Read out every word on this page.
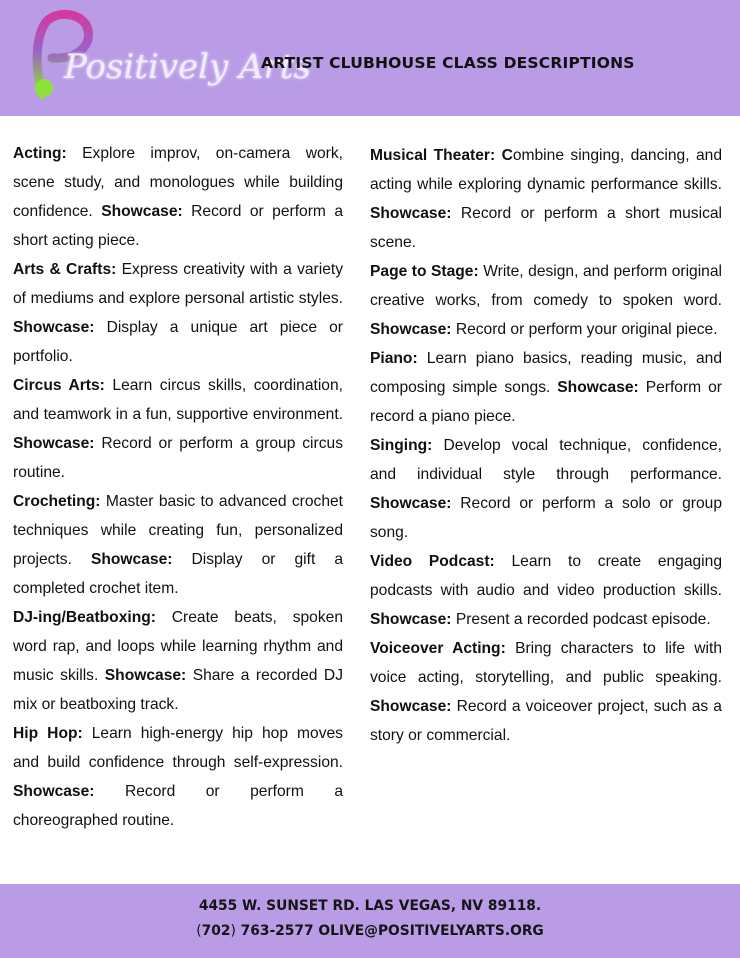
Positively Arts
ARTIST CLUBHOUSE CLASS DESCRIPTIONS

Acting: Explore improv, on-camera work, scene study, and monologues while building confidence. Showcase: Record or perform a short acting piece.

Arts & Crafts: Express creativity with a variety of mediums and explore personal artistic styles. Showcase: Display a unique art piece or portfolio.

Circus Arts: Learn circus skills, coordination, and teamwork in a fun, supportive environment. Showcase: Record or perform a group circus routine.

Crocheting: Master basic to advanced crochet techniques while creating fun, personalized projects. Showcase: Display or gift a completed crochet item.

DJ-ing/Beatboxing: Create beats, spoken word rap, and loops while learning rhythm and music skills. Showcase: Share a recorded DJ mix or beatboxing track.

Hip Hop: Learn high-energy hip hop moves and build confidence through self-expression. Showcase: Record or perform a choreographed routine.

Musical Theater: Combine singing, dancing, and acting while exploring dynamic performance skills. Showcase: Record or perform a short musical scene.

Page to Stage: Write, design, and perform original creative works, from comedy to spoken word. Showcase: Record or perform your original piece.

Piano: Learn piano basics, reading music, and composing simple songs. Showcase: Perform or record a piano piece.

Singing: Develop vocal technique, confidence, and individual style through performance. Showcase: Record or perform a solo or group song.

Video Podcast: Learn to create engaging podcasts with audio and video production skills. Showcase: Present a recorded podcast episode.

Voiceover Acting: Bring characters to life with voice acting, storytelling, and public speaking. Showcase: Record a voiceover project, such as a story or commercial.

4455 W. SUNSET RD. LAS VEGAS, NV 89118.
(702) 763-2577 OLIVE@POSITIVELYARTS.ORG
